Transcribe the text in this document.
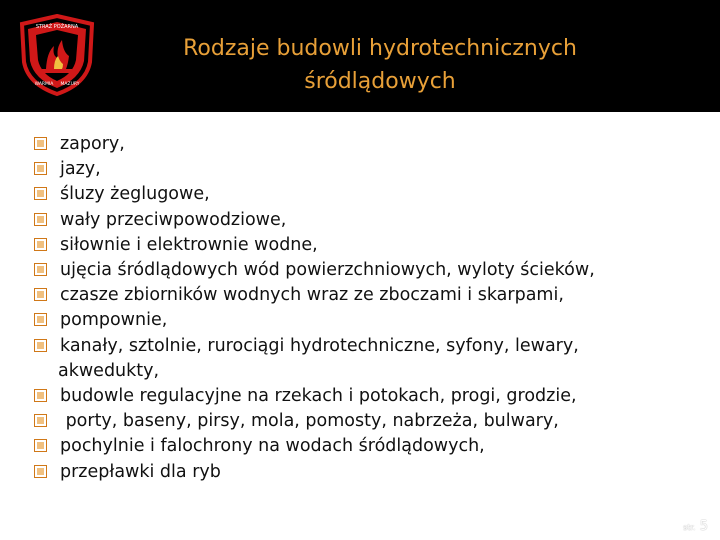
STRAŻ POŻARNA
WARMIA MAZURY
Rodzaje budowli hydrotechnicznych
śródlądowych
zapory,
jazy,
śluzy żeglugowe,
wały przeciwpowodziowe,
siłownie i elektrownie wodne,
ujęcia śródlądowych wód powierzchniowych, wyloty ścieków,
czasze zbiorników wodnych wraz ze zboczami i skarpami,
pompownie,
kanały, sztolnie, rurociągi hydrotechniczne, syfony, lewary,
akwedukty,
budowle regulacyjne na rzekach i potokach, progi, grodzie,
porty, baseny, pirsy, mola, pomosty, nabrzeża, bulwary,
pochylnie i falochrony na wodach śródlądowych,
przepławki dla ryb
str. 5
